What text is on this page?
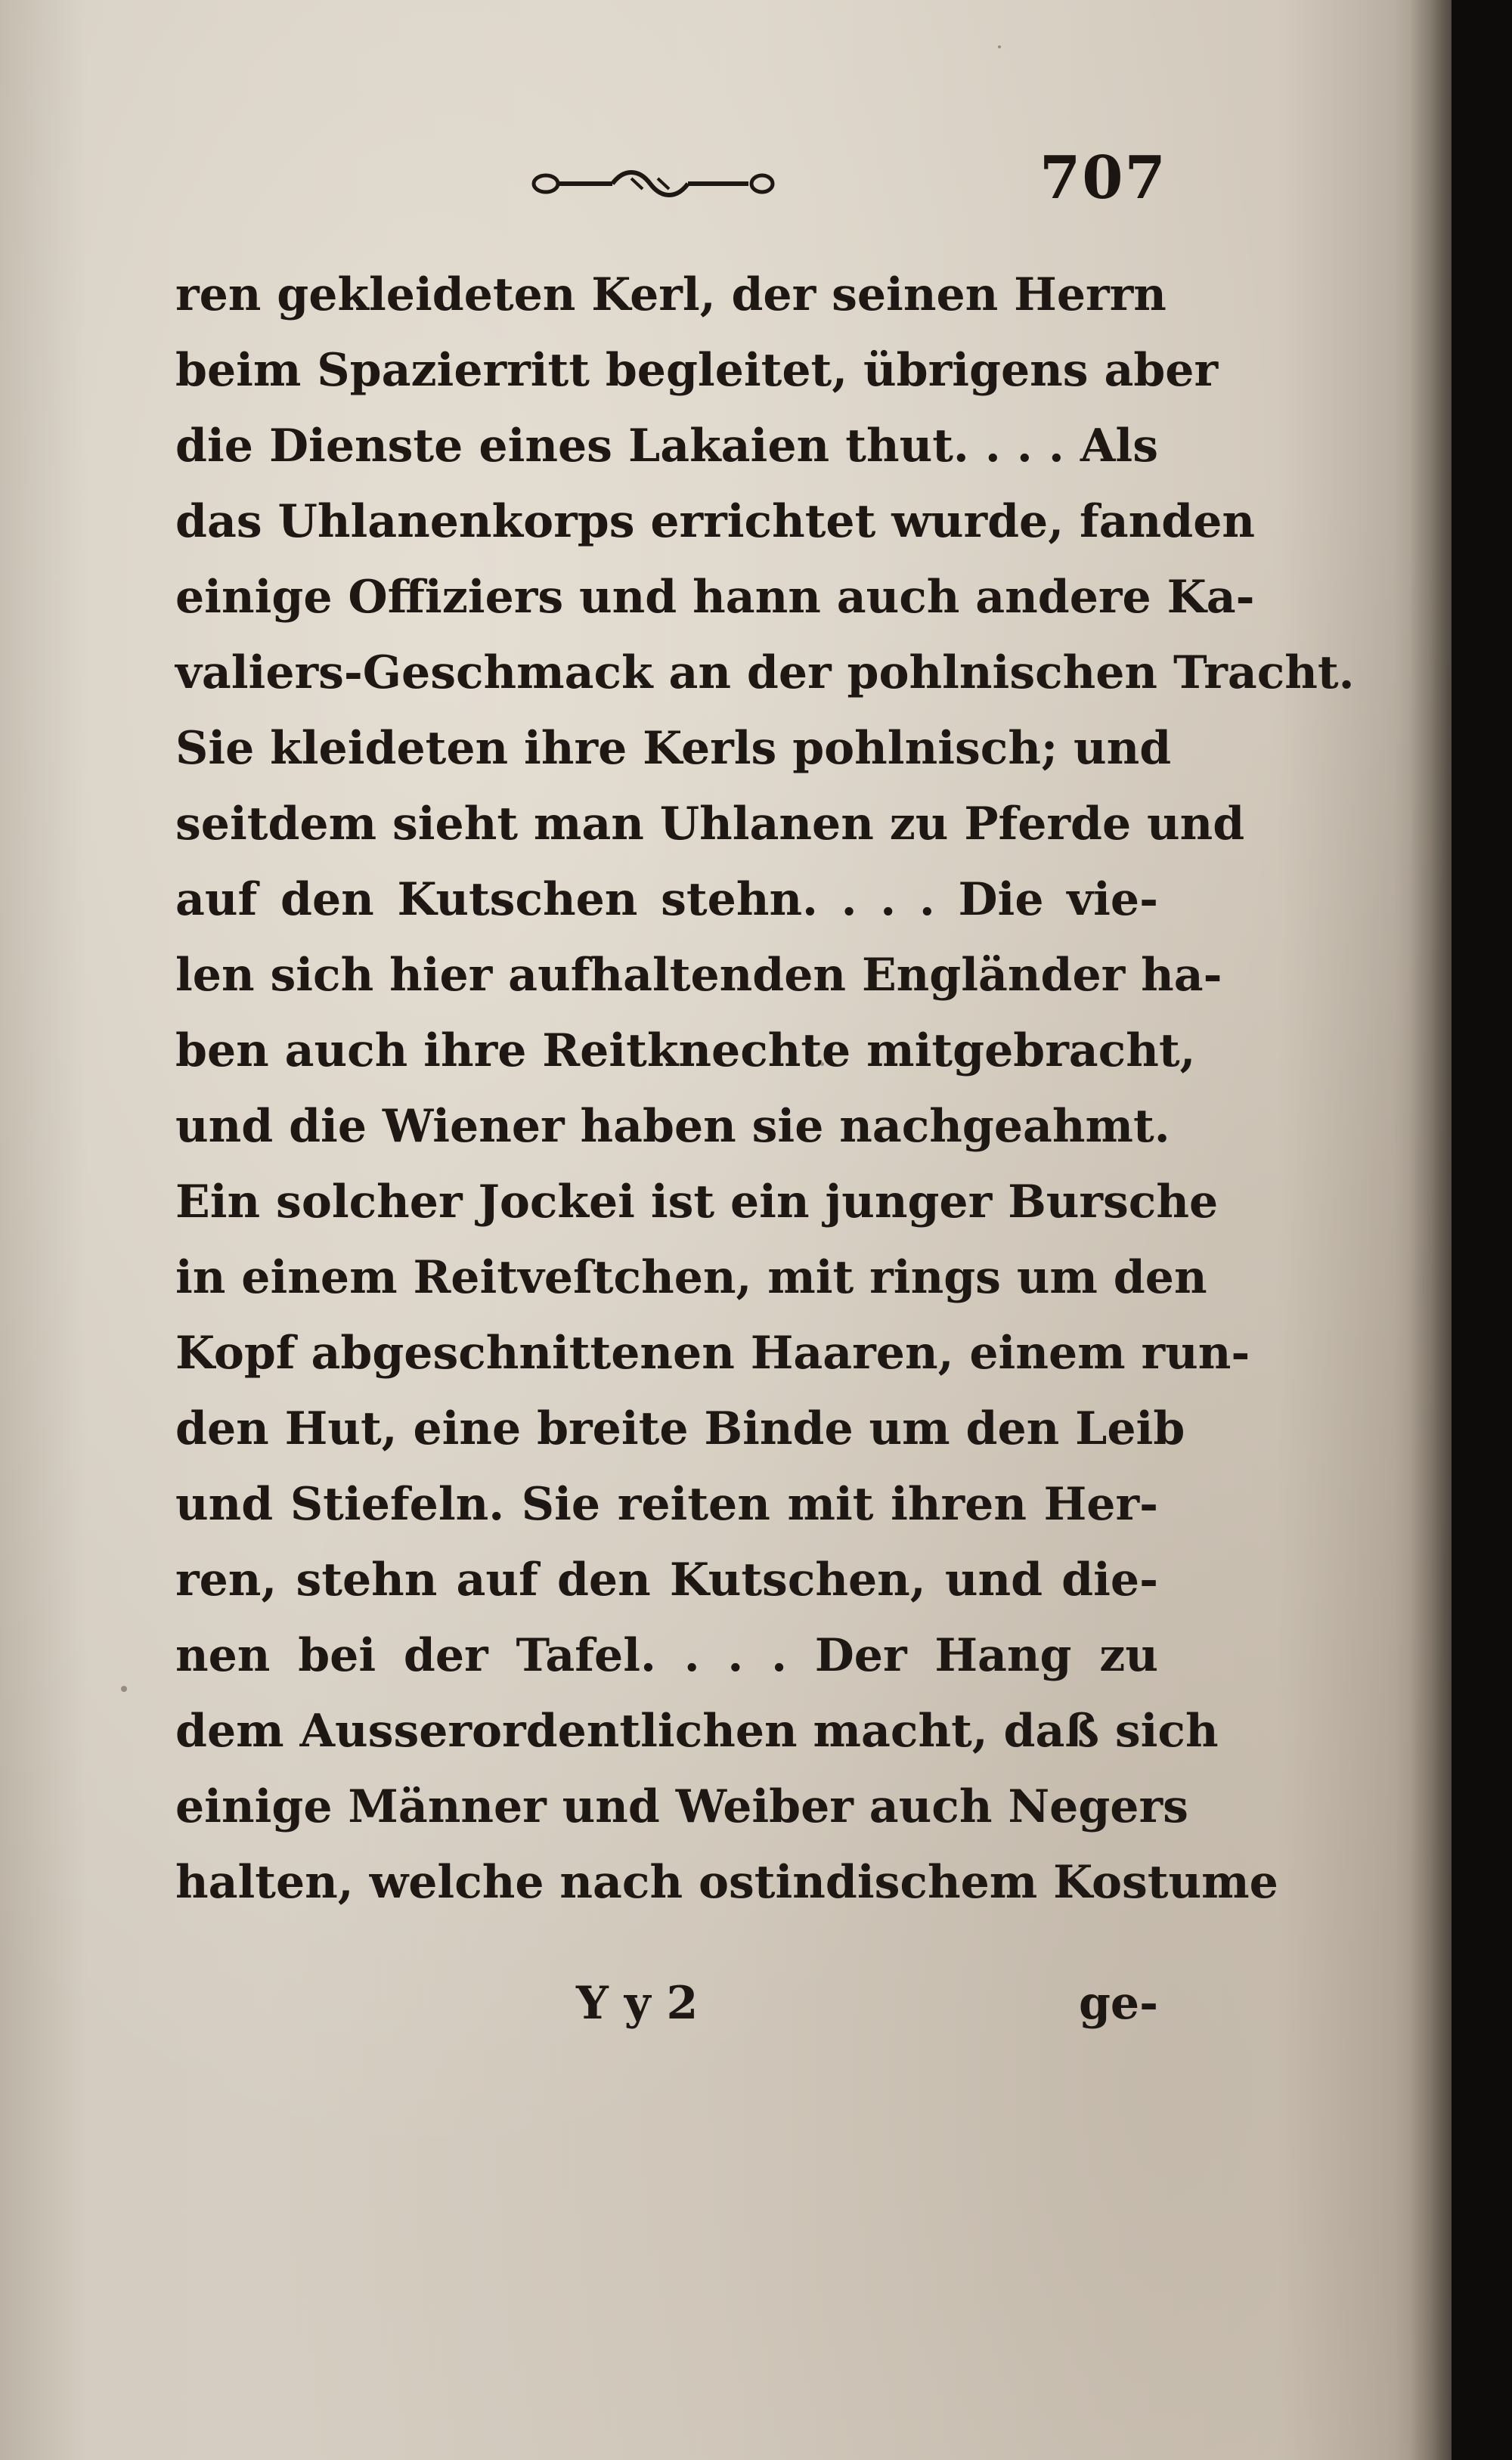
707
ren gekleideten Kerl, der seinen Herrn
beim Spazierritt begleitet, übrigens aber
die Dienste eines Lakaien thut. . . . Als
das Uhlanenkorps errichtet wurde, fanden
einige Offiziers und hann auch andere Ka-
valiers-Geschmack an der pohlnischen Tracht.
Sie kleideten ihre Kerls pohlnisch; und
seitdem sieht man Uhlanen zu Pferde und
auf den Kutschen stehn. . . . Die vie-
len sich hier aufhaltenden Engländer ha-
ben auch ihre Reitknechte mitgebracht,
und die Wiener haben sie nachgeahmt.
Ein solcher Jockei ist ein junger Bursche
in einem Reitveſtchen, mit rings um den
Kopf abgeschnittenen Haaren, einem run-
den Hut, eine breite Binde um den Leib
und Stiefeln. Sie reiten mit ihren Her-
ren, stehn auf den Kutschen, und die-
nen bei der Tafel. . . . Der Hang zu
dem Ausserordentlichen macht, daß sich
einige Männer und Weiber auch Negers
halten, welche nach ostindischem Kostume
Y y 2	ge-
